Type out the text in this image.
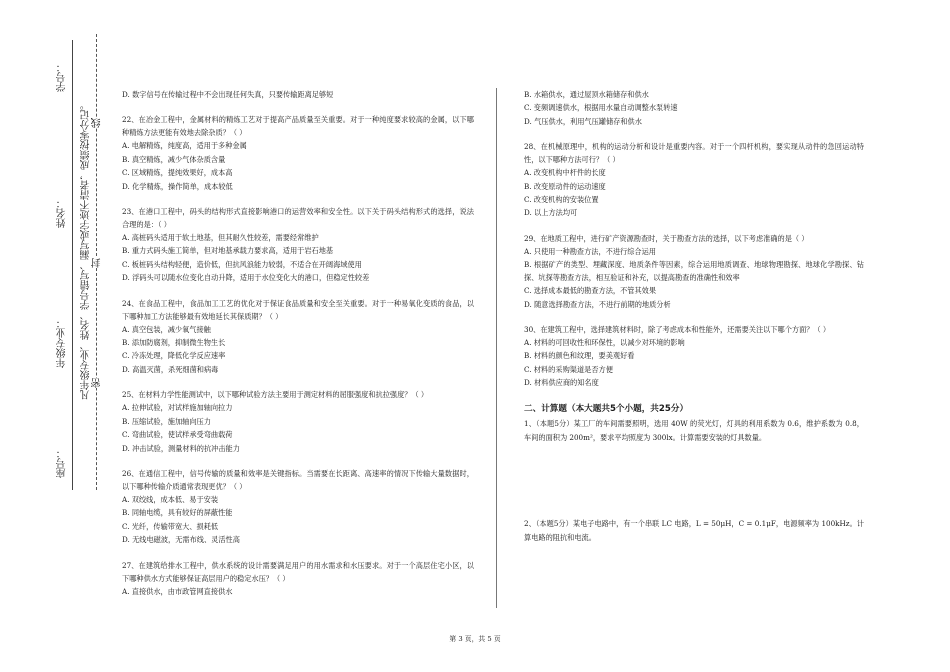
学号：
姓名：
年级专业：
座号：
凡年级专业、姓名、学号错写、漏写或字迹不清者，成绩按零分记。 线
封
密

D. 数字信号在传输过程中不会出现任何失真，只要传输距离足够短

22、在冶金工程中，金属材料的精炼工艺对于提高产品质量至关重要。对于一种纯度要求较高的金属，以下哪种精炼方法更能有效地去除杂质？（ ）

A. 电解精炼，纯度高，适用于多种金属

B. 真空精炼，减少气体杂质含量

C. 区域精炼，提纯效果好，成本高

D. 化学精炼，操作简单，成本较低

23、在港口工程中，码头的结构形式直接影响港口的运营效率和安全性。以下关于码头结构形式的选择，说法合理的是：（ ）

A. 高桩码头适用于软土地基，但其耐久性较差，需要经常维护

B. 重力式码头施工简单，但对地基承载力要求高，适用于岩石地基

C. 板桩码头结构轻便，造价低，但抗风浪能力较弱，不适合在开阔海域使用

D. 浮码头可以随水位变化自动升降，适用于水位变化大的港口，但稳定性较差

24、在食品工程中，食品加工工艺的优化对于保证食品质量和安全至关重要。对于一种易氧化变质的食品，以下哪种加工方法能够最有效地延长其保质期？（ ）

A. 真空包装，减少氧气接触

B. 添加防腐剂，抑制微生物生长

C. 冷冻处理，降低化学反应速率

D. 高温灭菌，杀死细菌和病毒

25、在材料力学性能测试中，以下哪种试验方法主要用于测定材料的屈服强度和抗拉强度？（ ）

A. 拉伸试验，对试样施加轴向拉力

B. 压缩试验，施加轴向压力

C. 弯曲试验，使试样承受弯曲载荷

D. 冲击试验，测量材料的抗冲击能力

26、在通信工程中，信号传输的质量和效率是关键指标。当需要在长距离、高速率的情况下传输大量数据时，以下哪种传输介质通常表现更优？（ ）

A. 双绞线，成本低、易于安装

B. 同轴电缆，具有较好的屏蔽性能

C. 光纤，传输带宽大、损耗低

D. 无线电磁波，无需布线、灵活性高

27、在建筑给排水工程中，供水系统的设计需要满足用户的用水需求和水压要求。对于一个高层住宅小区，以下哪种供水方式能够保证高层用户的稳定水压？（ ）

A. 直接供水，由市政管网直接供水

B. 水箱供水，通过屋顶水箱储存和供水

C. 变频调速供水，根据用水量自动调整水泵转速

D. 气压供水，利用气压罐储存和供水

28、在机械原理中，机构的运动分析和设计是重要内容。对于一个四杆机构，要实现从动件的急回运动特性，以下哪种方法可行？（ ）

A. 改变机构中杆件的长度

B. 改变原动件的运动速度

C. 改变机构的安装位置

D. 以上方法均可

29、在地质工程中，进行矿产资源勘查时，关于勘查方法的选择，以下考虑准确的是（ ）

A. 只使用一种勘查方法，不进行综合运用

B. 根据矿产的类型、埋藏深度、地质条件等因素，综合运用地质调查、地球物理勘探、地球化学勘探、钻探、坑探等勘查方法，相互验证和补充，以提高勘查的准确性和效率

C. 选择成本最低的勘查方法，不管其效果

D. 随意选择勘查方法，不进行前期的地质分析

30、在建筑工程中，选择建筑材料时，除了考虑成本和性能外，还需要关注以下哪个方面？（ ）

A. 材料的可回收性和环保性，以减少对环境的影响

B. 材料的颜色和纹理，要美观好看

C. 材料的采购渠道是否方便

D. 材料供应商的知名度

二、计算题（本大题共5个小题，共25分）

1、（本题5分）某工厂的车间需要照明，选用 40W 的荧光灯，灯具的利用系数为 0.6，维护系数为 0.8，车间的面积为 200m²，要求平均照度为 300lx。计算需要安装的灯具数量。

2、（本题5分）某电子电路中，有一个串联 LC 电路，L = 50μH，C = 0.1μF，电源频率为 100kHz。计算电路的阻抗和电流。

第 3 页，共 5 页
